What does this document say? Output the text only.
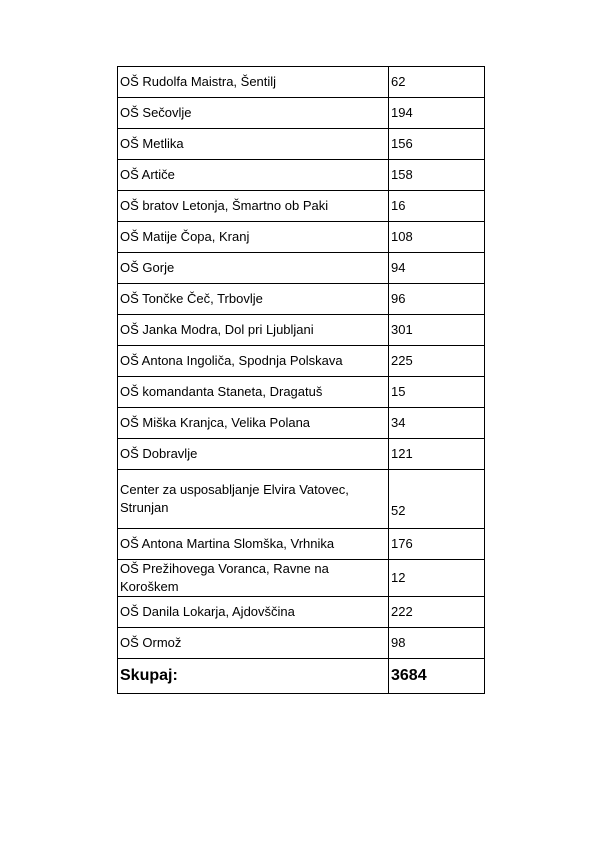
OŠ Rudolfa Maistra, Šentilj	62
OŠ Sečovlje	194
OŠ Metlika	156
OŠ Artiče	158
OŠ bratov Letonja, Šmartno ob Paki	16
OŠ Matije Čopa, Kranj	108
OŠ Gorje	94
OŠ Tončke Čeč, Trbovlje	96
OŠ Janka Modra, Dol pri Ljubljani	301
OŠ Antona Ingoliča, Spodnja Polskava	225
OŠ komandanta Staneta, Dragatuš	15
OŠ Miška Kranjca, Velika Polana	34
OŠ Dobravlje	121
Center za usposabljanje Elvira Vatovec, Strunjan	52
OŠ Antona Martina Slomška, Vrhnika	176
OŠ Prežihovega Voranca, Ravne na Koroškem	12
OŠ Danila Lokarja, Ajdovščina	222
OŠ Ormož	98
Skupaj:	3684
